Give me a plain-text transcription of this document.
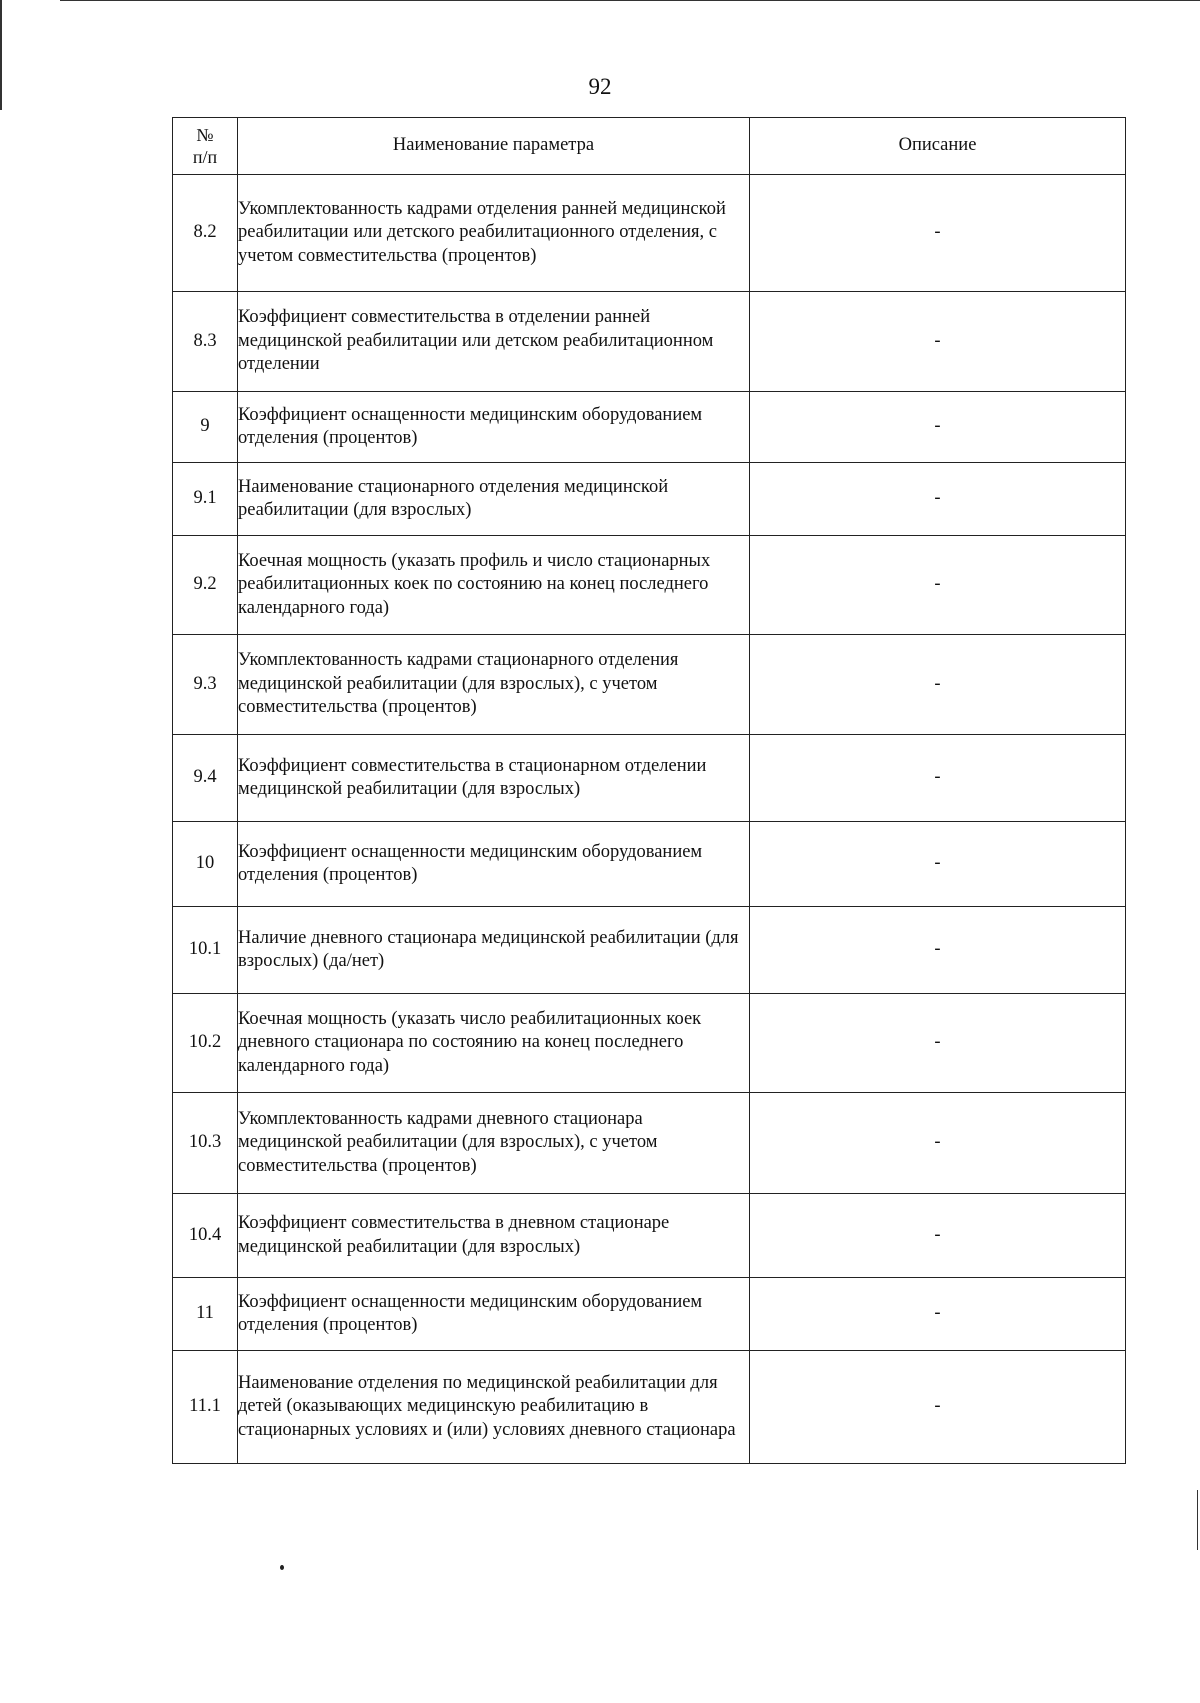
92
№
п/п	Наименование параметра	Описание
8.2	Укомплектованность кадрами отделения ранней медицинской реабилитации или детского реабилитационного отделения, с учетом совместительства (процентов)	-
8.3	Коэффициент совместительства в отделении ранней медицинской реабилитации или детском реабилитационном отделении	-
9	Коэффициент оснащенности медицинским оборудованием отделения (процентов)	-
9.1	Наименование стационарного отделения медицинской реабилитации (для взрослых)	-
9.2	Коечная мощность (указать профиль и число стационарных реабилитационных коек по состоянию на конец последнего календарного года)	-
9.3	Укомплектованность кадрами стационарного отделения медицинской реабилитации (для взрослых), с учетом совместительства (процентов)	-
9.4	Коэффициент совместительства в стационарном отделении медицинской реабилитации (для взрослых)	-
10	Коэффициент оснащенности медицинским оборудованием отделения (процентов)	-
10.1	Наличие дневного стационара медицинской реабилитации (для взрослых) (да/нет)	-
10.2	Коечная мощность (указать число реабилитационных коек дневного стационара по состоянию на конец последнего календарного года)	-
10.3	Укомплектованность кадрами дневного стационара медицинской реабилитации (для взрослых), с учетом совместительства (процентов)	-
10.4	Коэффициент совместительства в дневном стационаре медицинской реабилитации (для взрослых)	-
11	Коэффициент оснащенности медицинским оборудованием отделения (процентов)	-
11.1	Наименование отделения по медицинской реабилитации для детей (оказывающих медицинскую реабилитацию в стационарных условиях и (или) условиях дневного стационара	-
